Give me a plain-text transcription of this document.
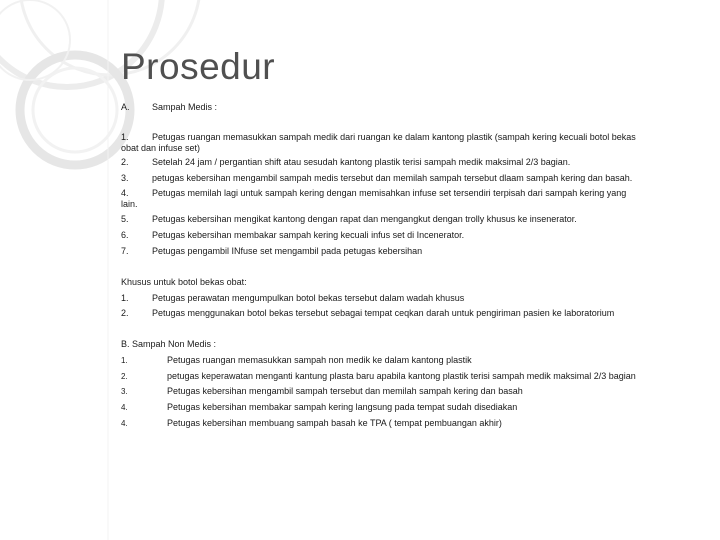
Prosedur
A. Sampah Medis :
1.	Petugas ruangan memasukkan sampah medik dari ruangan ke dalam kantong plastik (sampah kering kecuali botol bekas
obat dan infuse set)
2.	Setelah 24 jam / pergantian shift atau sesudah kantong plastik terisi sampah medik maksimal 2/3 bagian.
3.	petugas kebersihan mengambil sampah medis tersebut dan memilah sampah tersebut dlaam sampah kering dan basah.
4.	Petugas memilah lagi untuk sampah kering dengan memisahkan infuse set tersendiri terpisah dari sampah kering yang
lain.
5.	Petugas kebersihan mengikat kantong dengan rapat dan mengangkut dengan trolly khusus ke insenerator.
6.	Petugas kebersihan membakar sampah kering kecuali infus set di Incenerator.
7.	Petugas pengambil INfuse set mengambil pada petugas kebersihan
Khusus untuk botol bekas obat:
1.	Petugas perawatan mengumpulkan botol bekas tersebut dalam wadah khusus
2.	Petugas menggunakan botol bekas tersebut sebagai tempat ceqkan darah untuk pengiriman pasien ke laboratorium
B. Sampah Non Medis :
1.	Petugas ruangan memasukkan sampah non medik ke dalam kantong plastik
2.	petugas keperawatan menganti kantung plasta baru apabila kantong plastik terisi sampah medik maksimal 2/3 bagian
3.	Petugas kebersihan mengambil sampah tersebut dan memilah sampah kering dan basah
4.	Petugas kebersihan membakar sampah kering langsung pada tempat sudah disediakan
4.	Petugas kebersihan membuang sampah basah ke TPA ( tempat pembuangan akhir)
